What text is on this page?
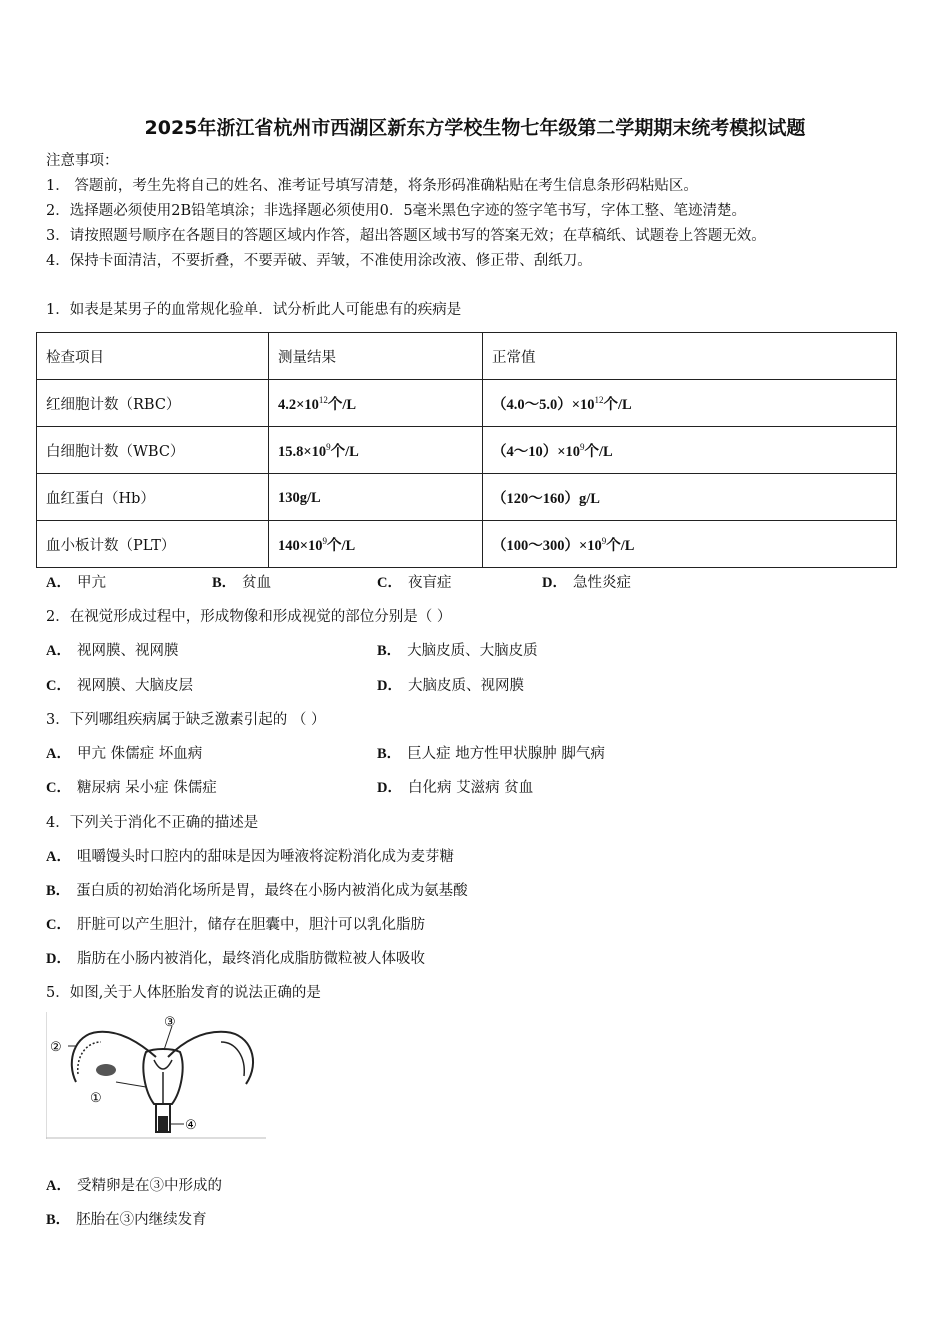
2025年浙江省杭州市西湖区新东方学校生物七年级第二学期期末统考模拟试题
注意事项：
1． 答题前，考生先将自己的姓名、准考证号填写清楚，将条形码准确粘贴在考生信息条形码粘贴区。
2．选择题必须使用2B铅笔填涂；非选择题必须使用0．5毫米黑色字迹的签字笔书写，字体工整、笔迹清楚。
3．请按照题号顺序在各题目的答题区域内作答，超出答题区域书写的答案无效；在草稿纸、试题卷上答题无效。
4．保持卡面清洁，不要折叠，不要弄破、弄皱，不准使用涂改液、修正带、刮纸刀。
1．如表是某男子的血常规化验单．试分析此人可能患有的疾病是
检查项目	测量结果	正常值
红细胞计数（RBC）	$4.2\times 10^{12}$个/L	$(4.0\sim 5.0)\times 10^{12}$个/L
白细胞计数（WBC）	$15.8\times 10^9$个/L	$(4\sim 10)\times 10^9$个/L
血红蛋白（Hb）	130g/L	（120～160）g/L
血小板计数（PLT）	$140\times 10^9$个/L	$(100\sim 300)\times 10^9$个/L
A． 甲亢	B． 贫血	C． 夜盲症	D． 急性炎症
2．在视觉形成过程中，形成物像和形成视觉的部位分别是（ ）
A． 视网膜、视网膜	B． 大脑皮质、大脑皮质
C． 视网膜、大脑皮层	D． 大脑皮质、视网膜
3．下列哪组疾病属于缺乏激素引起的 （ ）
A． 甲亢 侏儒症 坏血病	B． 巨人症 地方性甲状腺肿 脚气病
C． 糖尿病 呆小症 侏儒症	D． 白化病 艾滋病 贫血
4．下列关于消化不正确的描述是
A． 咀嚼馒头时口腔内的甜味是因为唾液将淀粉消化成为麦芽糖
B． 蛋白质的初始消化场所是胃，最终在小肠内被消化成为氨基酸
C． 肝脏可以产生胆汁，储存在胆囊中，胆汁可以乳化脂肪
D． 脂肪在小肠内被消化，最终消化成脂肪微粒被人体吸收
5．如图,关于人体胚胎发育的说法正确的是
①
②
③
④
A． 受精卵是在③中形成的
B． 胚胎在③内继续发育
